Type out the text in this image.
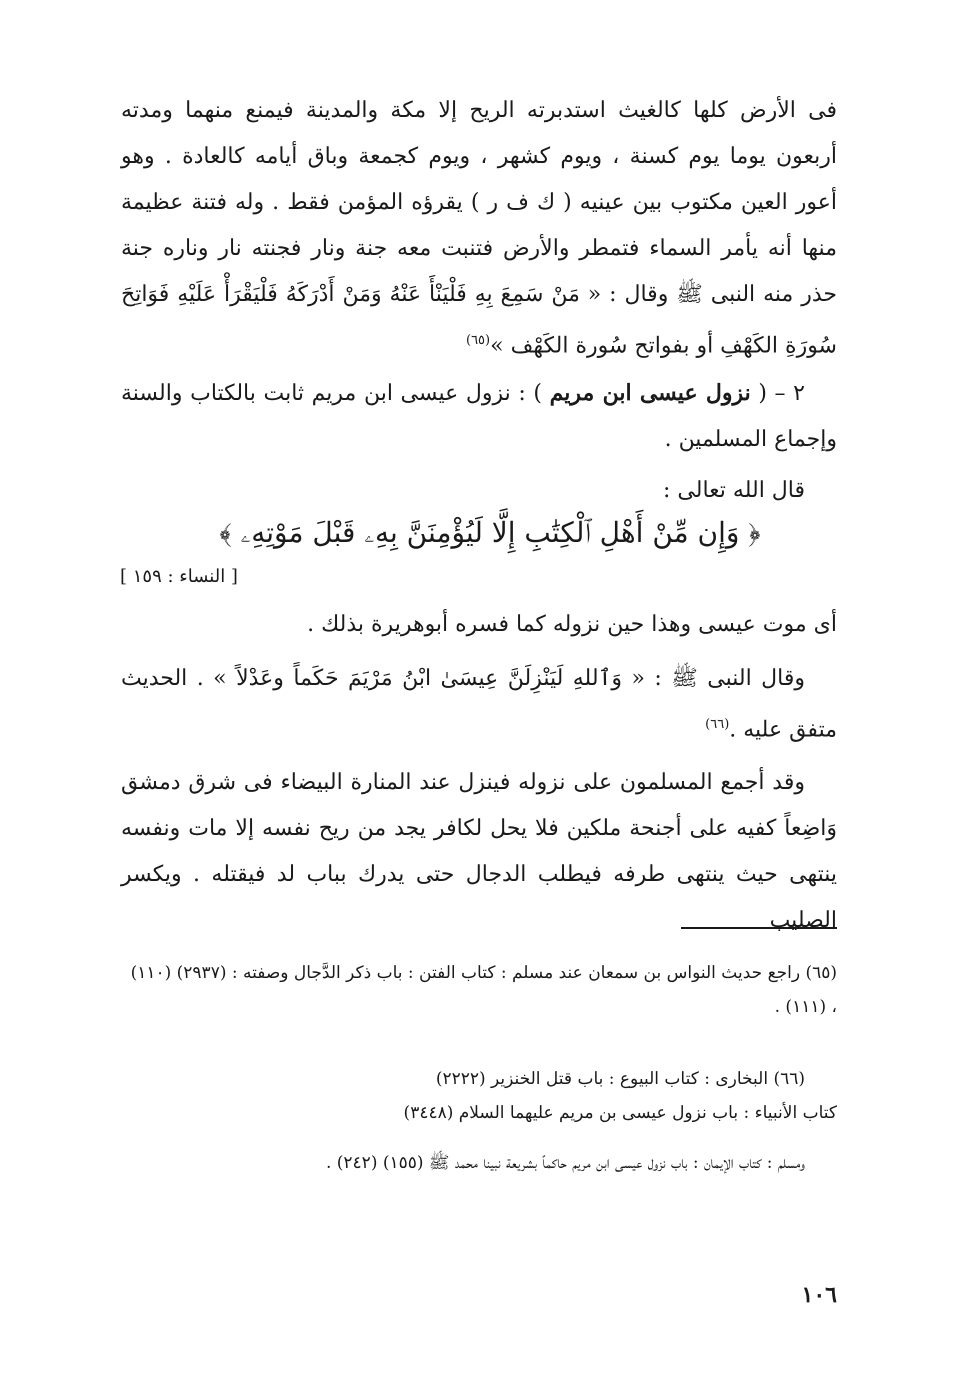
فى الأرض كلها كالغيث استدبرته الريح إلا مكة والمدينة فيمنع منهما ومدته أربعون يوما يوم كسنة ، ويوم كشهر ، ويوم كجمعة وباق أيامه كالعادة . وهو أعور العين مكتوب بين عينيه ( ك ف ر ) يقرؤه المؤمن فقط . وله فتنة عظيمة منها أنه يأمر السماء فتمطر والأرض فتنبت معه جنة ونار فجنته نار وناره جنة حذر منه النبى ﷺ وقال : « مَنْ سَمِعَ بِهِ فَلْيَنْأَ عَنْهُ وَمَنْ أَدْرَكَهُ فَلْيَقْرَأْ عَلَيْهِ فَوَاتِحَ سُورَةِ الكَهْفِ أو بفواتح سُورة الكَهْف »$^{(٦٥)}$
٢ – ( نزول عيسى ابن مريم ) : نزول عيسى ابن مريم ثابت بالكتاب والسنة وإجماع المسلمين .
قال الله تعالى :
﴿ وَإِن مِّنْ أَهْلِ ٱلْكِتَٰبِ إِلَّا لَيُؤْمِنَنَّ بِهِۦ قَبْلَ مَوْتِهِۦ ﴾
[ النساء : ١٥٩ ]
أى موت عيسى وهذا حين نزوله كما فسره أبوهريرة بذلك .
وقال النبى ﷺ : « وَٱللهِ لَيَنْزِلَنَّ عِيسَىٰ ابْنُ مَرْيَمَ حَكَماً وعَدْلاً » . الحديث متفق عليه .$^{(٦٦)}$
وقد أجمع المسلمون على نزوله فينزل عند المنارة البيضاء فى شرق دمشق وَاضِعاً كفيه على أجنحة ملكين فلا يحل لكافر يجد من ريح نفسه إلا مات ونفسه ينتهى حيث ينتهى طرفه فيطلب الدجال حتى يدرك بباب لد فيقتله . ويكسر الصليب
(٦٥) راجع حديث النواس بن سمعان عند مسلم : كتاب الفتن : باب ذكر الدَّجال وصفته : (٢٩٣٧) (١١٠) ، (١١١) .
(٦٦) البخارى : كتاب البيوع : باب قتل الخنزير (٢٢٢٢)
كتاب الأنبياء : باب نزول عيسى بن مريم عليهما السلام (٣٤٤٨)
ومسلم : كتاب الإيمان : باب نزول عيسى ابن مريم حاكماً بشريعة نبينا محمد ﷺ (١٥٥) (٢٤٢) .
١٠٦
